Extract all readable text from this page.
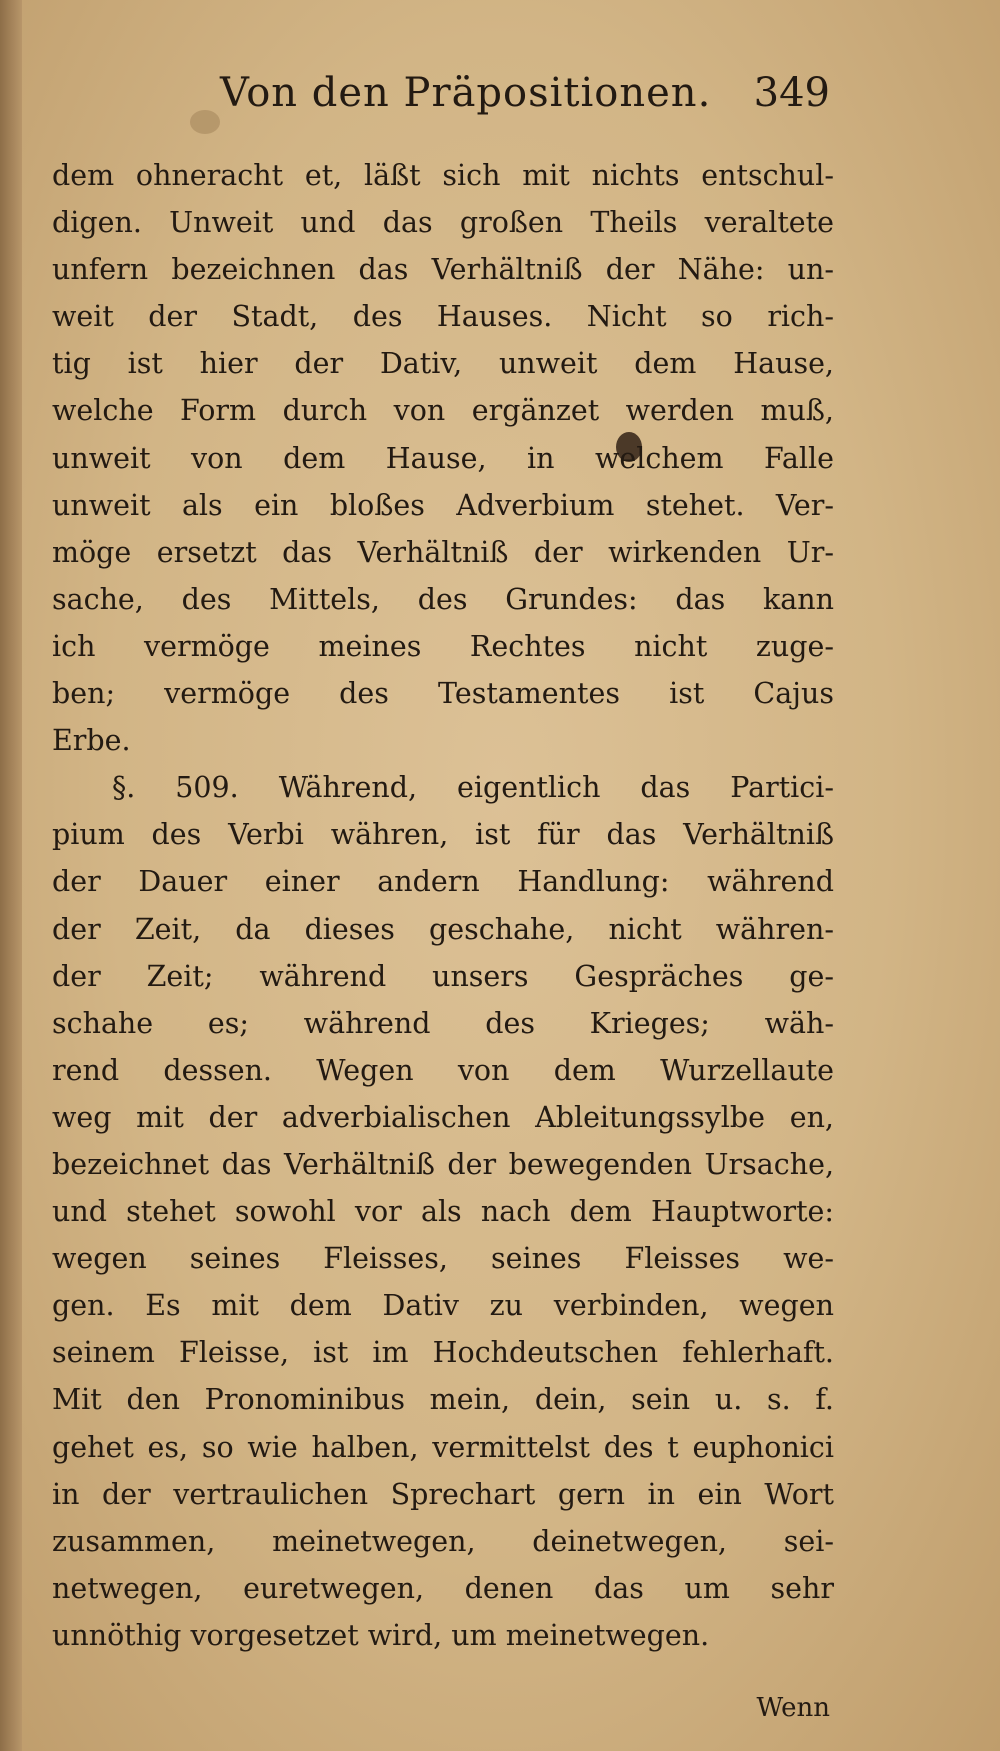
Von den Präpositionen. 349
dem ohneracht et, läßt sich mit nichts entschul-
digen. Unweit und das großen Theils veraltete
unfern bezeichnen das Verhältniß der Nähe: un-
weit der Stadt, des Hauses. Nicht so rich-
tig ist hier der Dativ, unweit dem Hause,
welche Form durch von ergänzet werden muß,
unweit von dem Hause, in welchem Falle
unweit als ein bloßes Adverbium stehet. Ver-
möge ersetzt das Verhältniß der wirkenden Ur-
sache, des Mittels, des Grundes: das kann
ich vermöge meines Rechtes nicht zuge-
ben; vermöge des Testamentes ist Cajus
Erbe.
§. 509. Während, eigentlich das Partici-
pium des Verbi währen, ist für das Verhältniß
der Dauer einer andern Handlung: während
der Zeit, da dieses geschahe, nicht währen-
der Zeit; während unsers Gespräches ge-
schahe es; während des Krieges; wäh-
rend dessen. Wegen von dem Wurzellaute
weg mit der adverbialischen Ableitungssylbe en,
bezeichnet das Verhältniß der bewegenden Ursache,
und stehet sowohl vor als nach dem Hauptworte:
wegen seines Fleisses, seines Fleisses we-
gen. Es mit dem Dativ zu verbinden, wegen
seinem Fleisse, ist im Hochdeutschen fehlerhaft.
Mit den Pronominibus mein, dein, sein u. s. f.
gehet es, so wie halben, vermittelst des t euphonici
in der vertraulichen Sprechart gern in ein Wort
zusammen, meinetwegen, deinetwegen, sei-
netwegen, euretwegen, denen das um sehr
unnöthig vorgesetzet wird, um meinetwegen.
Wenn
